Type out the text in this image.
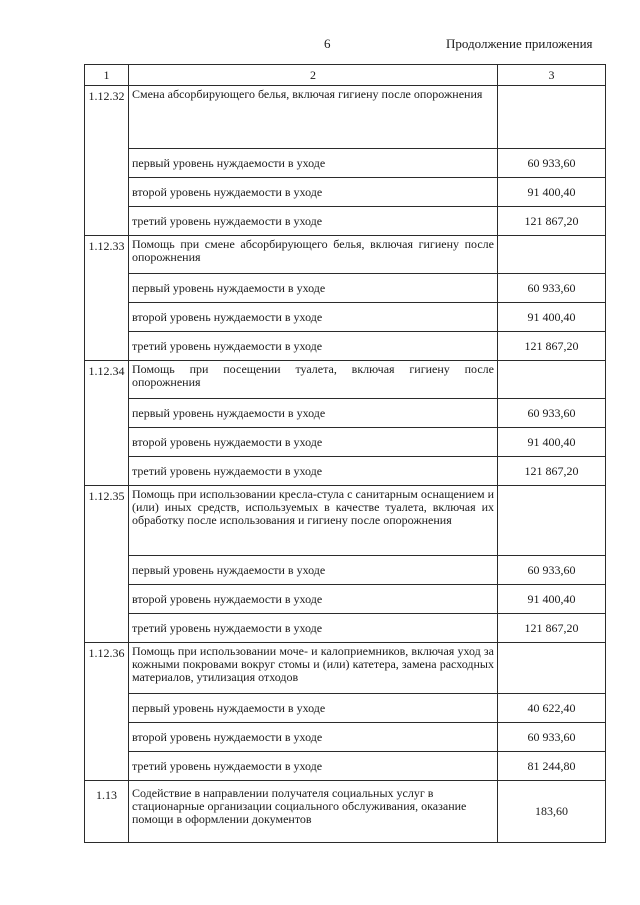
6	Продолжение приложения
1	2	3
1.12.32	Смена абсорбирующего белья, включая гигиену после опорожнения	
	первый уровень нуждаемости в уходе	60 933,60
	второй уровень нуждаемости в уходе	91 400,40
	третий уровень нуждаемости в уходе	121 867,20
1.12.33	Помощь при смене абсорбирующего белья, включая гигиену после опорожнения	
	первый уровень нуждаемости в уходе	60 933,60
	второй уровень нуждаемости в уходе	91 400,40
	третий уровень нуждаемости в уходе	121 867,20
1.12.34	Помощь при посещении туалета, включая гигиену после опорожнения	
	первый уровень нуждаемости в уходе	60 933,60
	второй уровень нуждаемости в уходе	91 400,40
	третий уровень нуждаемости в уходе	121 867,20
1.12.35	Помощь при использовании кресла-стула с санитарным оснащением и (или) иных средств, используемых в качестве туалета, включая их обработку после использования и гигиену после опорожнения	
	первый уровень нуждаемости в уходе	60 933,60
	второй уровень нуждаемости в уходе	91 400,40
	третий уровень нуждаемости в уходе	121 867,20
1.12.36	Помощь при использовании моче- и калоприемников, включая уход за кожными покровами вокруг стомы и (или) катетера, замена расходных материалов, утилизация отходов	
	первый уровень нуждаемости в уходе	40 622,40
	второй уровень нуждаемости в уходе	60 933,60
	третий уровень нуждаемости в уходе	81 244,80
1.13	Содействие в направлении получателя социальных услуг в стационарные организации социального обслуживания, оказание помощи в оформлении документов	183,60
